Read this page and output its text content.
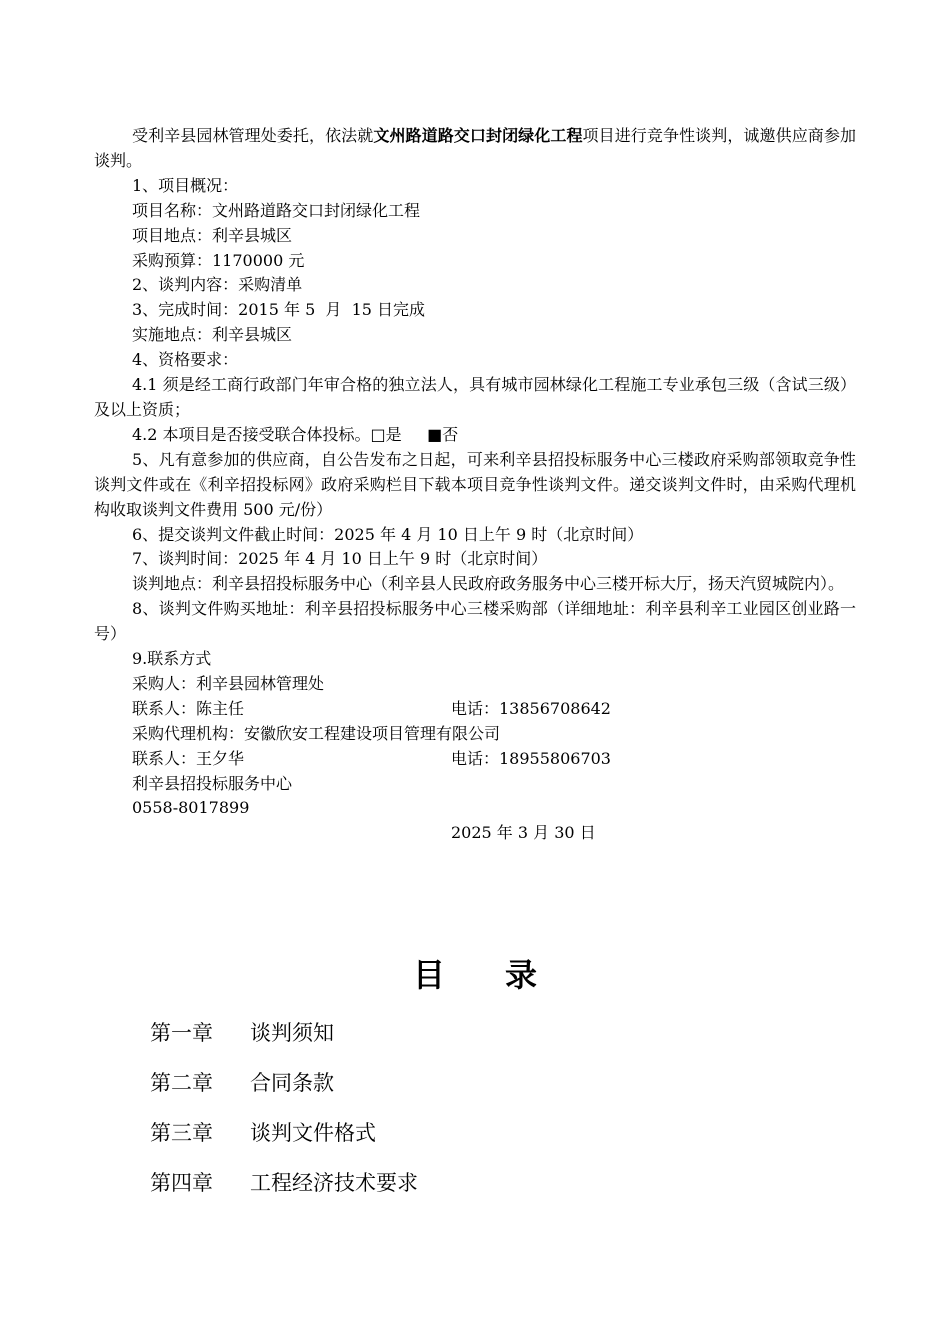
受利辛县园林管理处委托，依法就文州路道路交口封闭绿化工程项目进行竞争性谈判，诚邀供应商参加谈判。

1、项目概况：

项目名称：文州路道路交口封闭绿化工程

项目地点：利辛县城区

采购预算：1170000 元

2、谈判内容：采购清单

3、完成时间：2015 年 5  月  15 日完成

实施地点：利辛县城区

4、资格要求：

4.1 须是经工商行政部门年审合格的独立法人，具有城市园林绿化工程施工专业承包三级（含试三级）及以上资质；

4.2 本项目是否接受联合体投标。□是     ■否

5、凡有意参加的供应商，自公告发布之日起，可来利辛县招投标服务中心三楼政府采购部领取竞争性谈判文件或在《利辛招投标网》政府采购栏目下载本项目竞争性谈判文件。递交谈判文件时，由采购代理机构收取谈判文件费用 500 元/份）

6、提交谈判文件截止时间：2025 年 4 月 10 日上午 9 时（北京时间）

7、谈判时间：2025 年 4 月 10 日上午 9 时（北京时间）

谈判地点：利辛县招投标服务中心（利辛县人民政府政务服务中心三楼开标大厅，扬天汽贸城院内）。

8、谈判文件购买地址：利辛县招投标服务中心三楼采购部（详细地址：利辛县利辛工业园区创业路一号）

9.联系方式

采购人：利辛县园林管理处

联系人：陈主任	电话：13856708642

采购代理机构：安徽欣安工程建设项目管理有限公司

联系人：王夕华	电话：18955806703

利辛县招投标服务中心

0558-8017899

2025 年 3 月 30 日

目 录
第一章	谈判须知
第二章	合同条款
第三章	谈判文件格式
第四章	工程经济技术要求
